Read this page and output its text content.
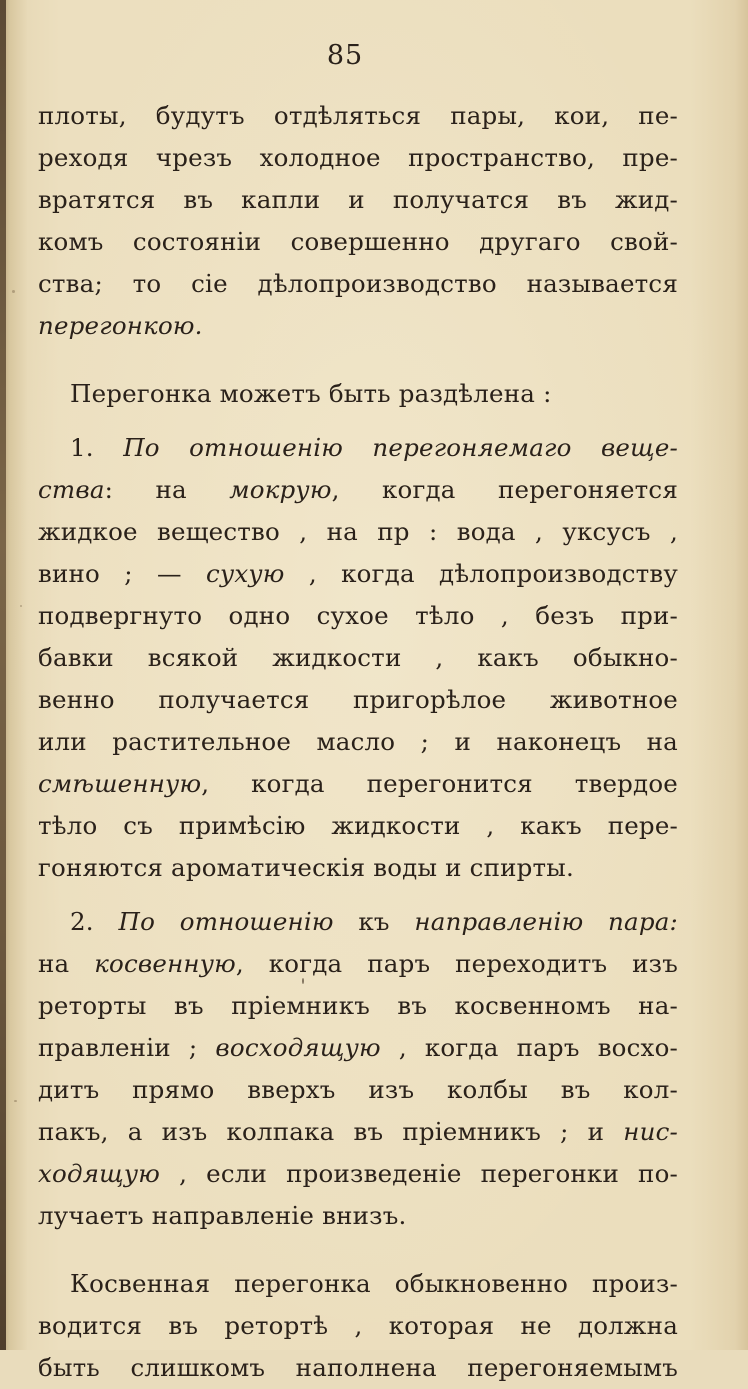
85
плоты, будутъ отдѣляться пары, кои, пе-
реходя чрезъ холодное пространство, пре-
вратятся въ капли и получатся въ жид-
комъ состояніи совершенно другаго свой-
ства; то сіе дѣлопроизводство называется
перегонкою.
Перегонка можетъ быть раздѣлена :
1. По отношенію перегоняемаго веще-
ства: на мокрую, когда перегоняется
жидкое вещество , на пр : вода , уксусъ ,
вино ; — сухую , когда дѣлопроизводству
подвергнуто одно сухое тѣло , безъ при-
бавки всякой жидкости , какъ обыкно-
венно получается пригорѣлое животное
или растительное масло ; и наконецъ на
смѣшенную, когда перегонится твердое
тѣло съ примѣсію жидкости , какъ пере-
гоняются ароматическія воды и спирты.
2. По отношенію къ направленію пара:
на косвенную, когда паръ переходитъ изъ
реторты въ пріемникъ въ косвенномъ на-
правленіи ; восходящую , когда паръ восхо-
дитъ прямо вверхъ изъ колбы въ кол-
пакъ, а изъ колпака въ пріемникъ ; и нис-
ходящую , если произведеніе перегонки по-
лучаетъ направленіе внизъ.
Косвенная перегонка обыкновенно произ-
водится въ ретортѣ , которая не должна
быть слишкомъ наполнена перегоняемымъ
